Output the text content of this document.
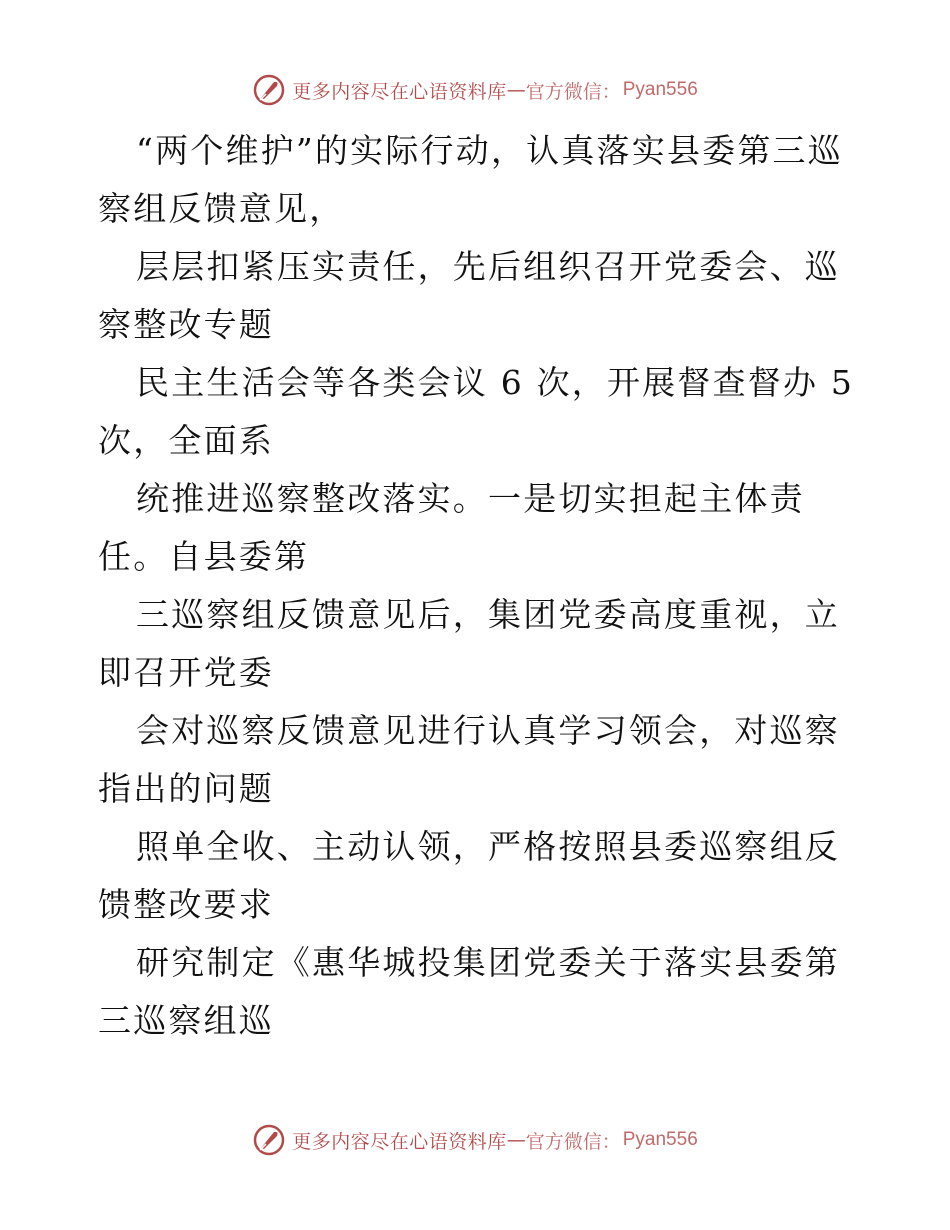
更多内容尽在心语资料库 — 官方微信： Pyan556

“两个维护”的实际行动，认真落实县委第三巡察组反馈意见，

层层扣紧压实责任，先后组织召开党委会、巡察整改专题

民主生活会等各类会议 6 次，开展督查督办 5 次，全面系

统推进巡察整改落实。一是切实担起主体责任。自县委第

三巡察组反馈意见后，集团党委高度重视，立即召开党委

会对巡察反馈意见进行认真学习领会，对巡察指出的问题

照单全收、主动认领，严格按照县委巡察组反馈整改要求

研究制定《惠华城投集团党委关于落实县委第三巡察组巡

更多内容尽在心语资料库 — 官方微信： Pyan556
